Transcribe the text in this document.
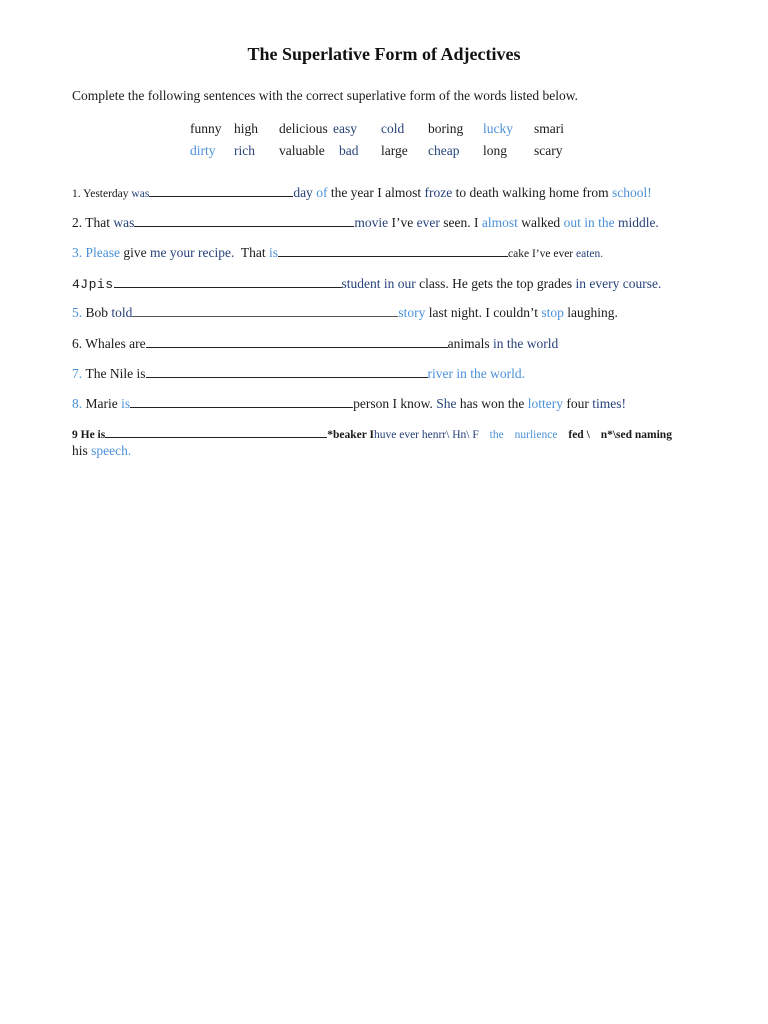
The Superlative Form of Adjectives
Complete the following sentences with the correct superlative form of the words listed below.
funny high delicious easy cold boring lucky smari
dirty rich valuable bad large cheap long scary
1. Yesterday was	day of the year I almost froze to death walking home from school!
2. That was	movie I’ve ever seen. I almost walked out in the middle.
3. Please give me your recipe. That is	cake I’ve ever eaten.
4Jpis	student in our class. He gets the top grades in every course.
5. Bob told	story last night. I couldn’t stop laughing.
6. Whales are	animals in the world
7. The Nile is	river in the world.
8. Marie is	person I know. She has won the lottery four times!
9 He is	*beaker I huve ever henrr\ Hn\ F the nurlience fed \ n*\sed naming
his speech.
